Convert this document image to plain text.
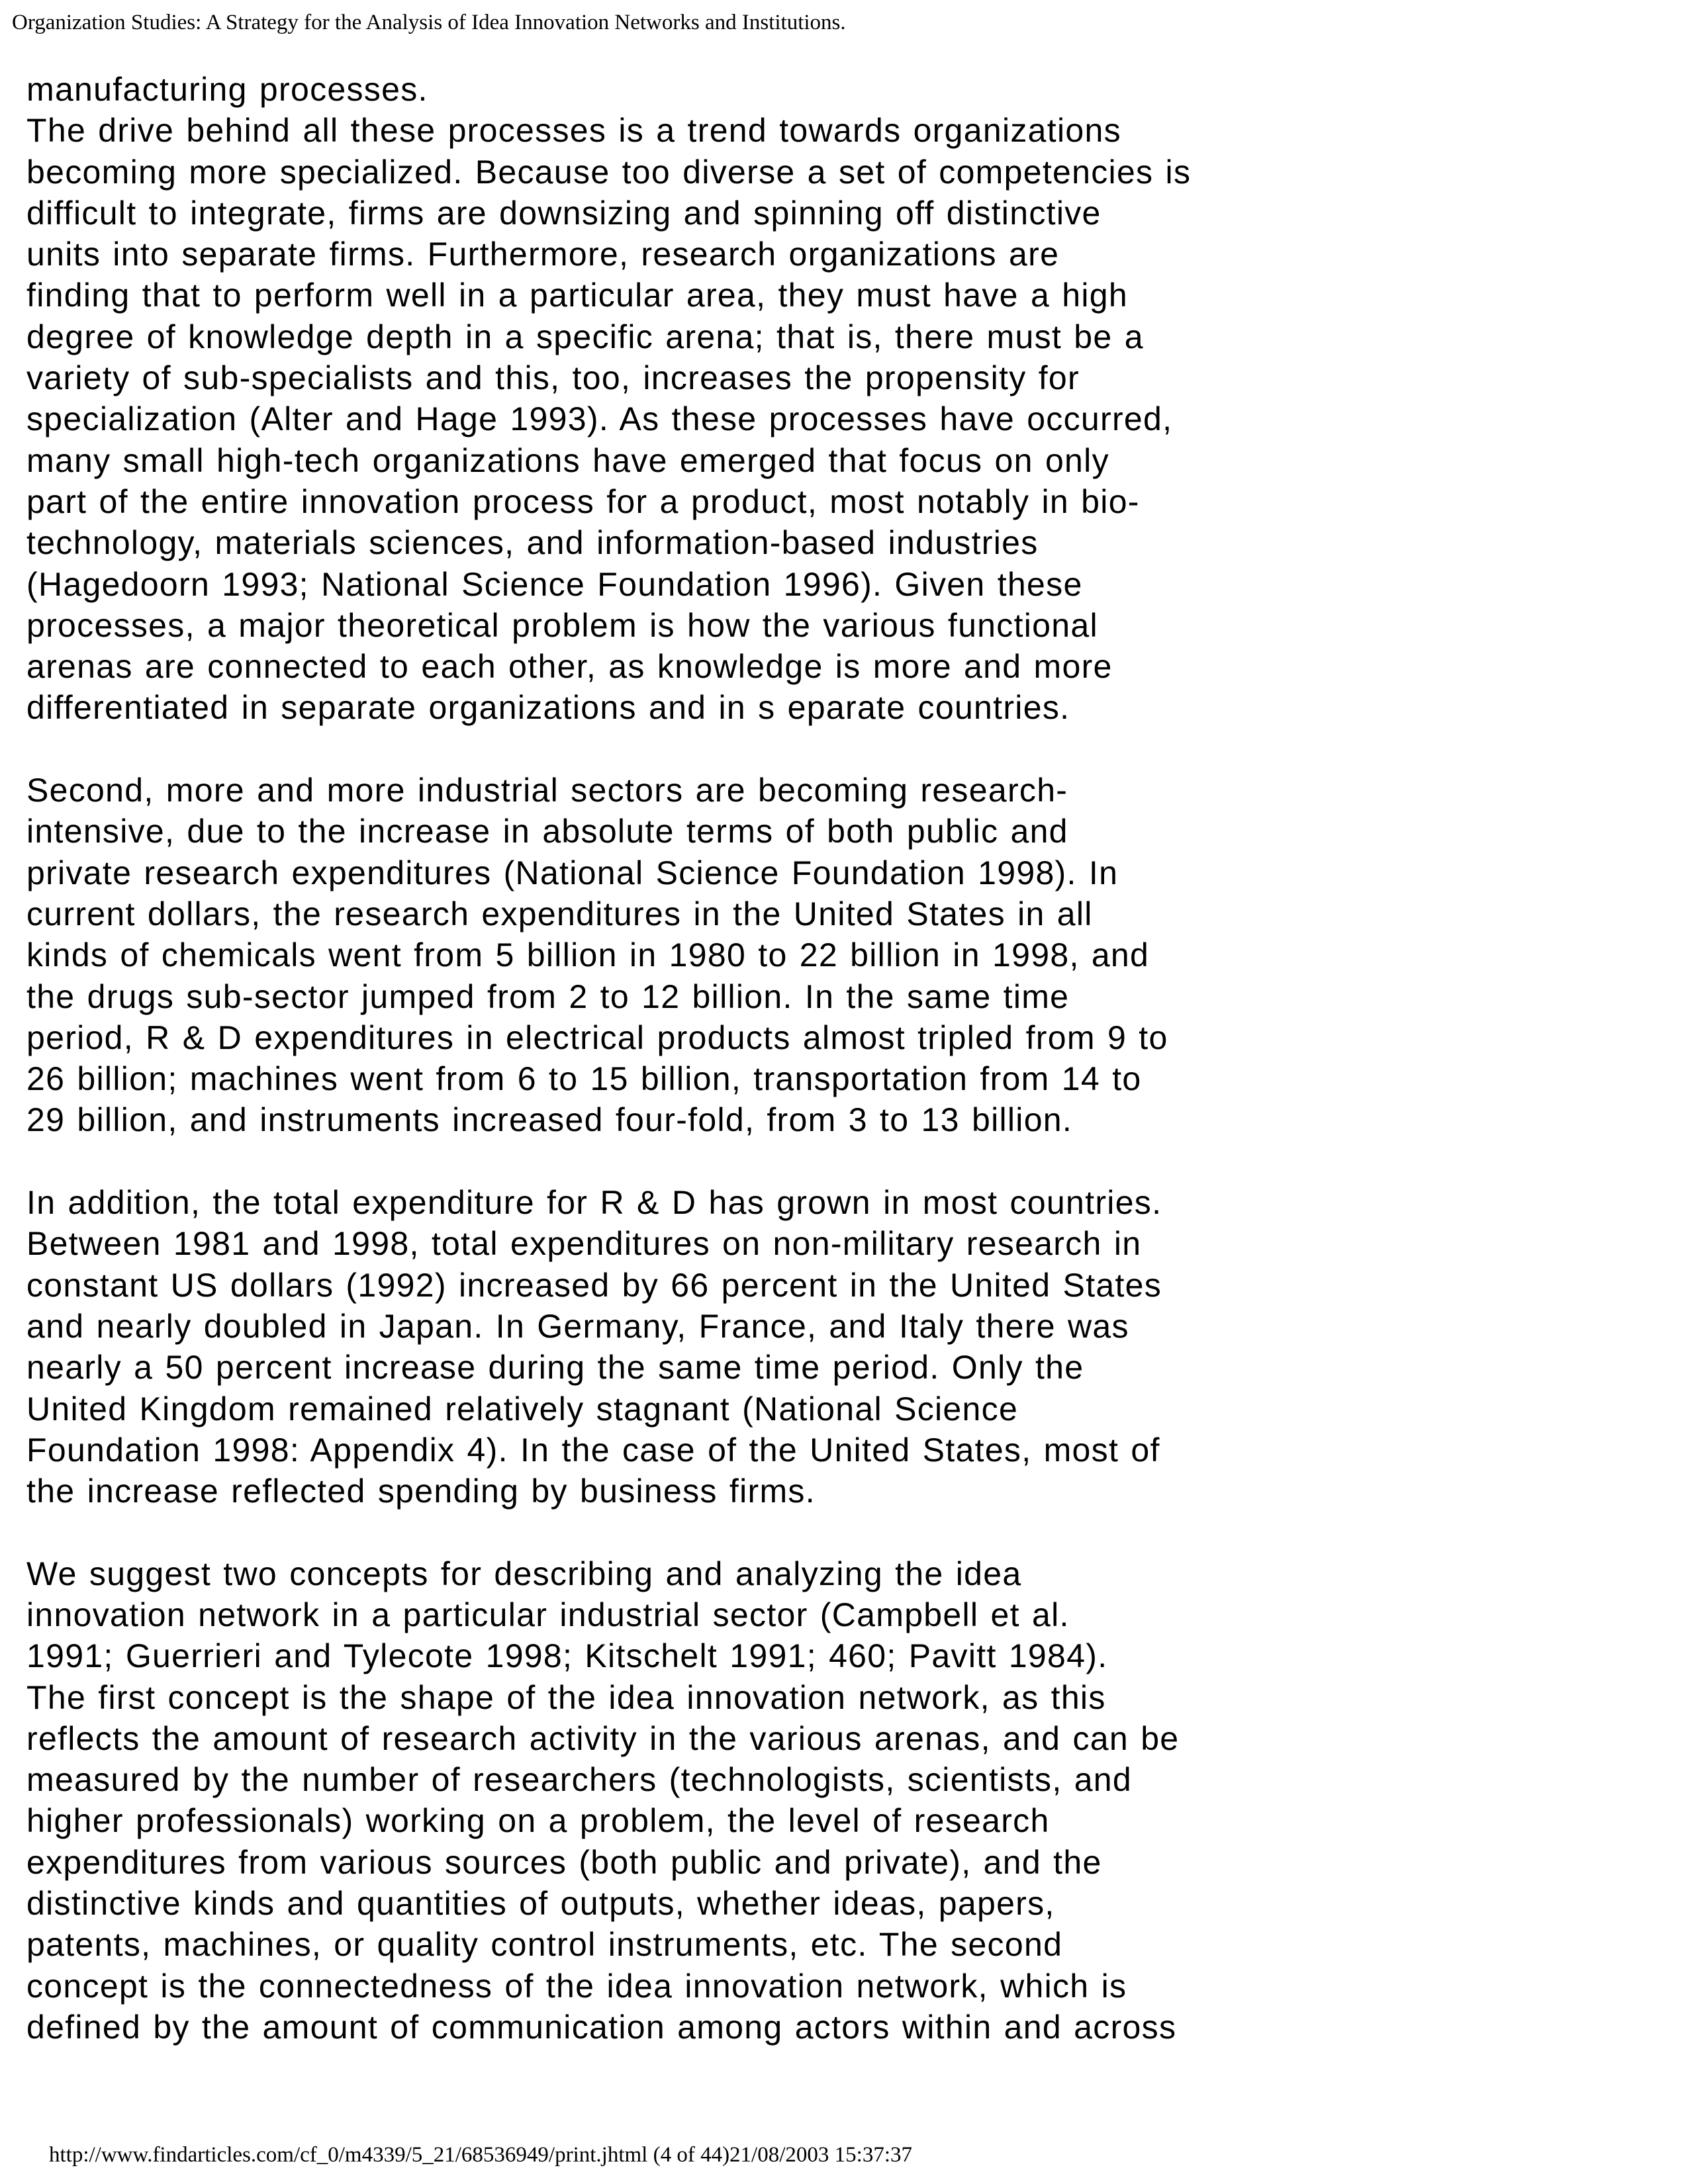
Organization Studies: A Strategy for the Analysis of Idea Innovation Networks and Institutions.

manufacturing processes.
The drive behind all these processes is a trend towards organizations
becoming more specialized. Because too diverse a set of competencies is
difficult to integrate, firms are downsizing and spinning off distinctive
units into separate firms. Furthermore, research organizations are
finding that to perform well in a particular area, they must have a high
degree of knowledge depth in a specific arena; that is, there must be a
variety of sub-specialists and this, too, increases the propensity for
specialization (Alter and Hage 1993). As these processes have occurred,
many small high-tech organizations have emerged that focus on only
part of the entire innovation process for a product, most notably in bio-
technology, materials sciences, and information-based industries
(Hagedoorn 1993; National Science Foundation 1996). Given these
processes, a major theoretical problem is how the various functional
arenas are connected to each other, as knowledge is more and more
differentiated in separate organizations and in s eparate countries.

Second, more and more industrial sectors are becoming research-
intensive, due to the increase in absolute terms of both public and
private research expenditures (National Science Foundation 1998). In
current dollars, the research expenditures in the United States in all
kinds of chemicals went from 5 billion in 1980 to 22 billion in 1998, and
the drugs sub-sector jumped from 2 to 12 billion. In the same time
period, R & D expenditures in electrical products almost tripled from 9 to
26 billion; machines went from 6 to 15 billion, transportation from 14 to
29 billion, and instruments increased four-fold, from 3 to 13 billion.

In addition, the total expenditure for R & D has grown in most countries.
Between 1981 and 1998, total expenditures on non-military research in
constant US dollars (1992) increased by 66 percent in the United States
and nearly doubled in Japan. In Germany, France, and Italy there was
nearly a 50 percent increase during the same time period. Only the
United Kingdom remained relatively stagnant (National Science
Foundation 1998: Appendix 4). In the case of the United States, most of
the increase reflected spending by business firms.

We suggest two concepts for describing and analyzing the idea
innovation network in a particular industrial sector (Campbell et al.
1991; Guerrieri and Tylecote 1998; Kitschelt 1991; 460; Pavitt 1984).
The first concept is the shape of the idea innovation network, as this
reflects the amount of research activity in the various arenas, and can be
measured by the number of researchers (technologists, scientists, and
higher professionals) working on a problem, the level of research
expenditures from various sources (both public and private), and the
distinctive kinds and quantities of outputs, whether ideas, papers,
patents, machines, or quality control instruments, etc. The second
concept is the connectedness of the idea innovation network, which is
defined by the amount of communication among actors within and across

http://www.findarticles.com/cf_0/m4339/5_21/68536949/print.jhtml (4 of 44)21/08/2003 15:37:37
